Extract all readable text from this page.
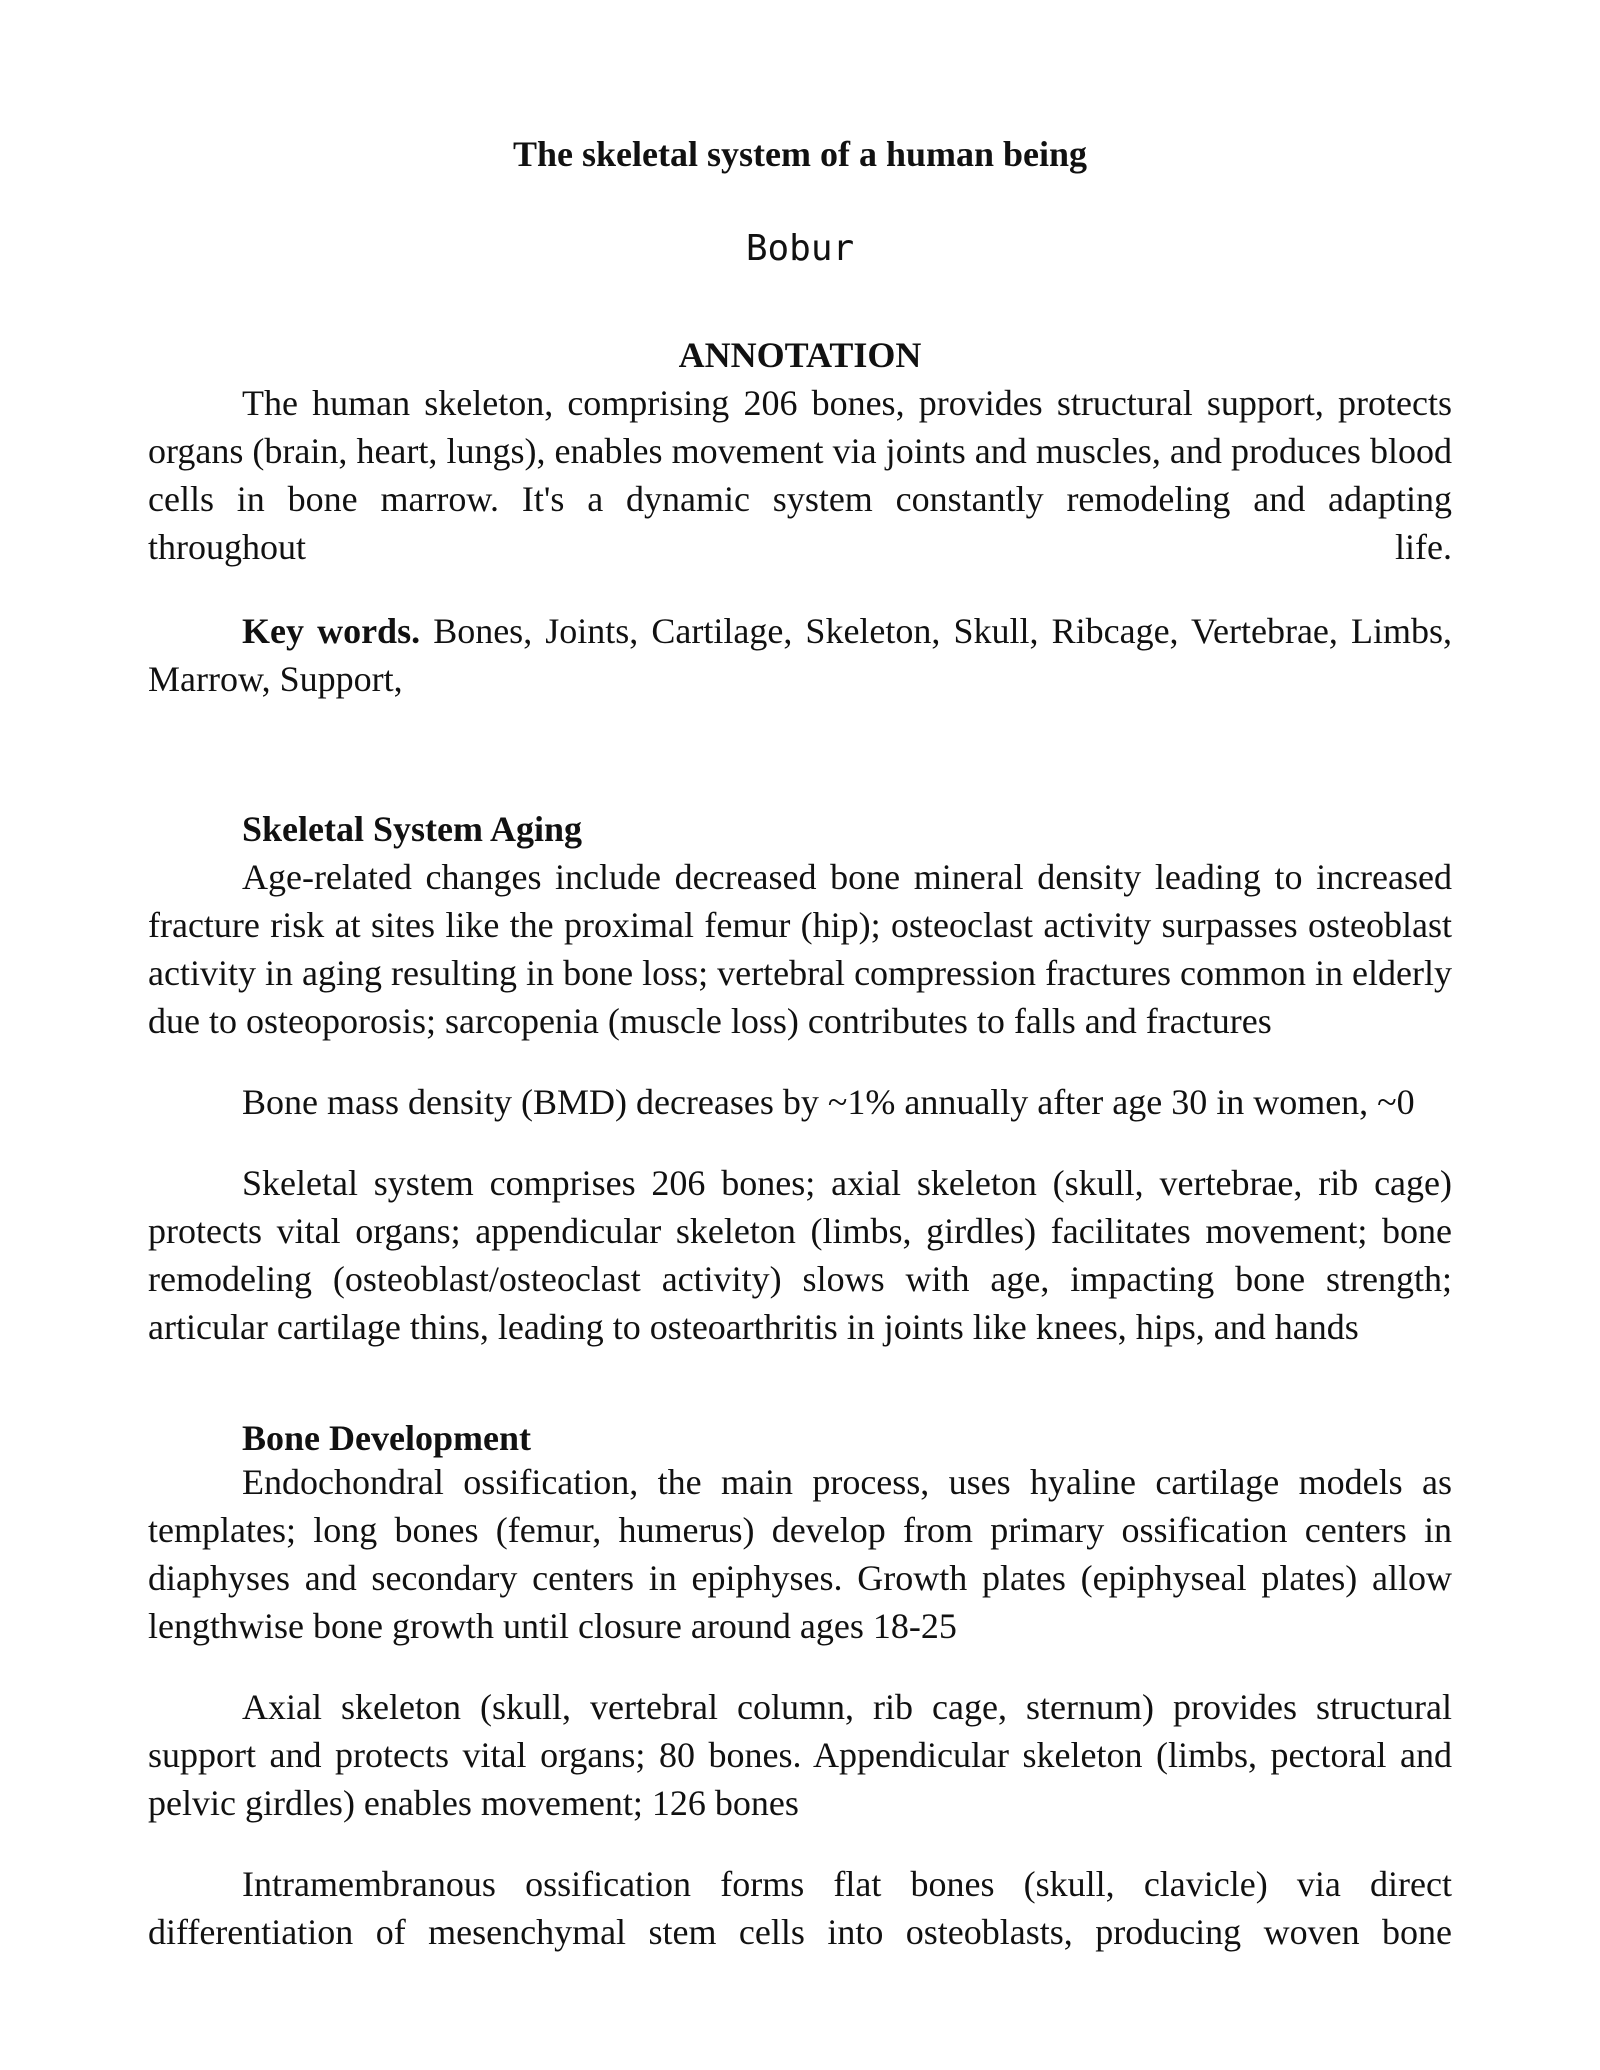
The skeletal system of a human being
Bobur
ANNOTATION

The human skeleton, comprising 206 bones, provides structural support, protects organs (brain, heart, lungs), enables movement via joints and muscles, and produces blood cells in bone marrow. It's a dynamic system constantly remodeling and adapting throughout life.

Key words. Bones, Joints, Cartilage, Skeleton, Skull, Ribcage, Vertebrae, Limbs, Marrow, Support,

Skeletal System Aging

Age-related changes include decreased bone mineral density leading to increased fracture risk at sites like the proximal femur (hip); osteoclast activity surpasses osteoblast activity in aging resulting in bone loss; vertebral compression fractures common in elderly due to osteoporosis; sarcopenia (muscle loss) contributes to falls and fractures

Bone mass density (BMD) decreases by ~1% annually after age 30 in women, ~0

Skeletal system comprises 206 bones; axial skeleton (skull, vertebrae, rib cage) protects vital organs; appendicular skeleton (limbs, girdles) facilitates movement; bone remodeling (osteoblast/osteoclast activity) slows with age, impacting bone strength; articular cartilage thins, leading to osteoarthritis in joints like knees, hips, and hands

Bone Development

Endochondral ossification, the main process, uses hyaline cartilage models as templates; long bones (femur, humerus) develop from primary ossification centers in diaphyses and secondary centers in epiphyses. Growth plates (epiphyseal plates) allow lengthwise bone growth until closure around ages 18-25

Axial skeleton (skull, vertebral column, rib cage, sternum) provides structural support and protects vital organs; 80 bones. Appendicular skeleton (limbs, pectoral and pelvic girdles) enables movement; 126 bones

Intramembranous ossification forms flat bones (skull, clavicle) via direct differentiation of mesenchymal stem cells into osteoblasts, producing woven bone
